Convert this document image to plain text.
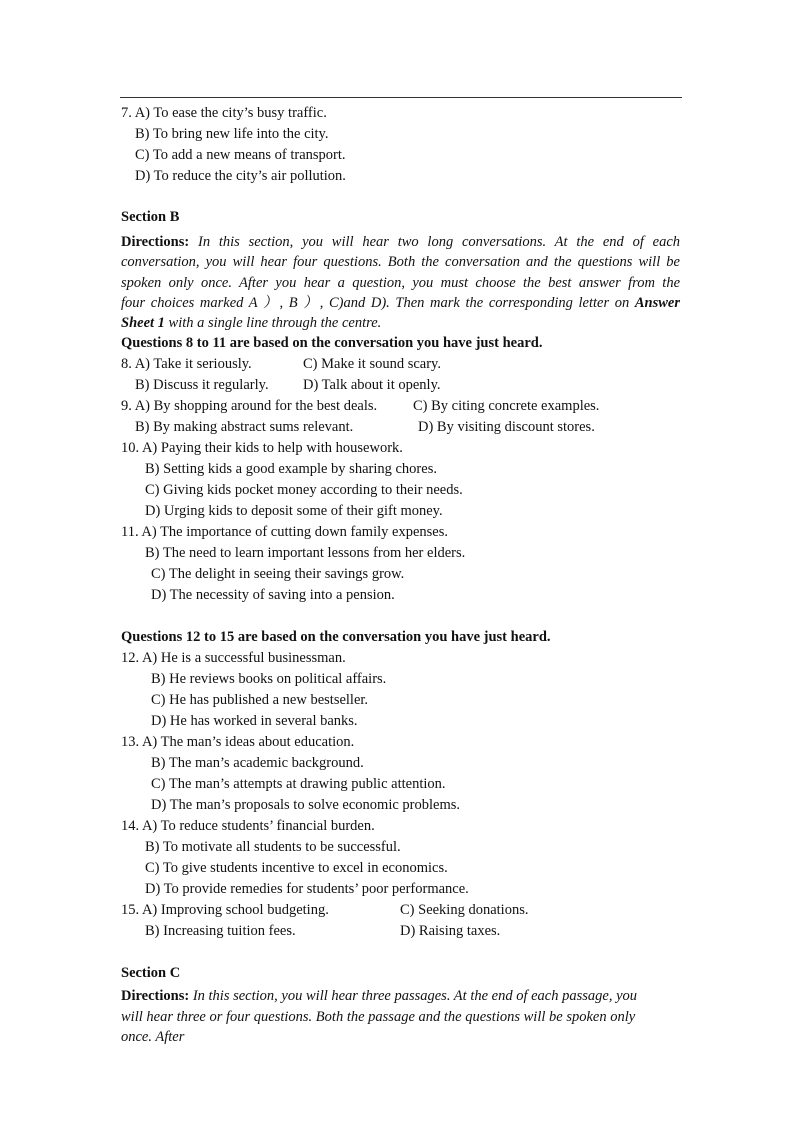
7. A) To ease the city’s busy traffic.
B) To bring new life into the city.
C) To add a new means of transport.
D) To reduce the city’s air pollution.
Section B
Directions: In this section, you will hear two long conversations. At the end of each
conversation, you will hear four questions. Both the conversation and the questions will be
spoken only once. After you hear a question, you must choose the best answer from the
four choices marked A ）, B ）, C)and D). Then mark the corresponding letter on Answer
Sheet 1 with a single line through the centre.
Questions 8 to 11 are based on the conversation you have just heard.
8. A) Take it seriously.	C) Make it sound scary.
B) Discuss it regularly. D) Talk about it openly.
9. A) By shopping around for the best deals. C) By citing concrete examples.
B) By making abstract sums relevant.	D) By visiting discount stores.
10. A) Paying their kids to help with housework.
B) Setting kids a good example by sharing chores.
C) Giving kids pocket money according to their needs.
D) Urging kids to deposit some of their gift money.
11. A) The importance of cutting down family expenses.
B) The need to learn important lessons from her elders.
C) The delight in seeing their savings grow.
D) The necessity of saving into a pension.
Questions 12 to 15 are based on the conversation you have just heard.
12. A) He is a successful businessman.
B) He reviews books on political affairs.
C) He has published a new bestseller.
D) He has worked in several banks.
13. A) The man’s ideas about education.
B) The man’s academic background.
C) The man’s attempts at drawing public attention.
D) The man’s proposals to solve economic problems.
14. A) To reduce students’ financial burden.
B) To motivate all students to be successful.
C) To give students incentive to excel in economics.
D) To provide remedies for students’ poor performance.
15. A) Improving school budgeting.	C) Seeking donations.
B) Increasing tuition fees.	D) Raising taxes.
Section C
Directions: In this section, you will hear three passages. At the end of each passage, you
will hear three or four questions. Both the passage and the questions will be spoken only
once. After
